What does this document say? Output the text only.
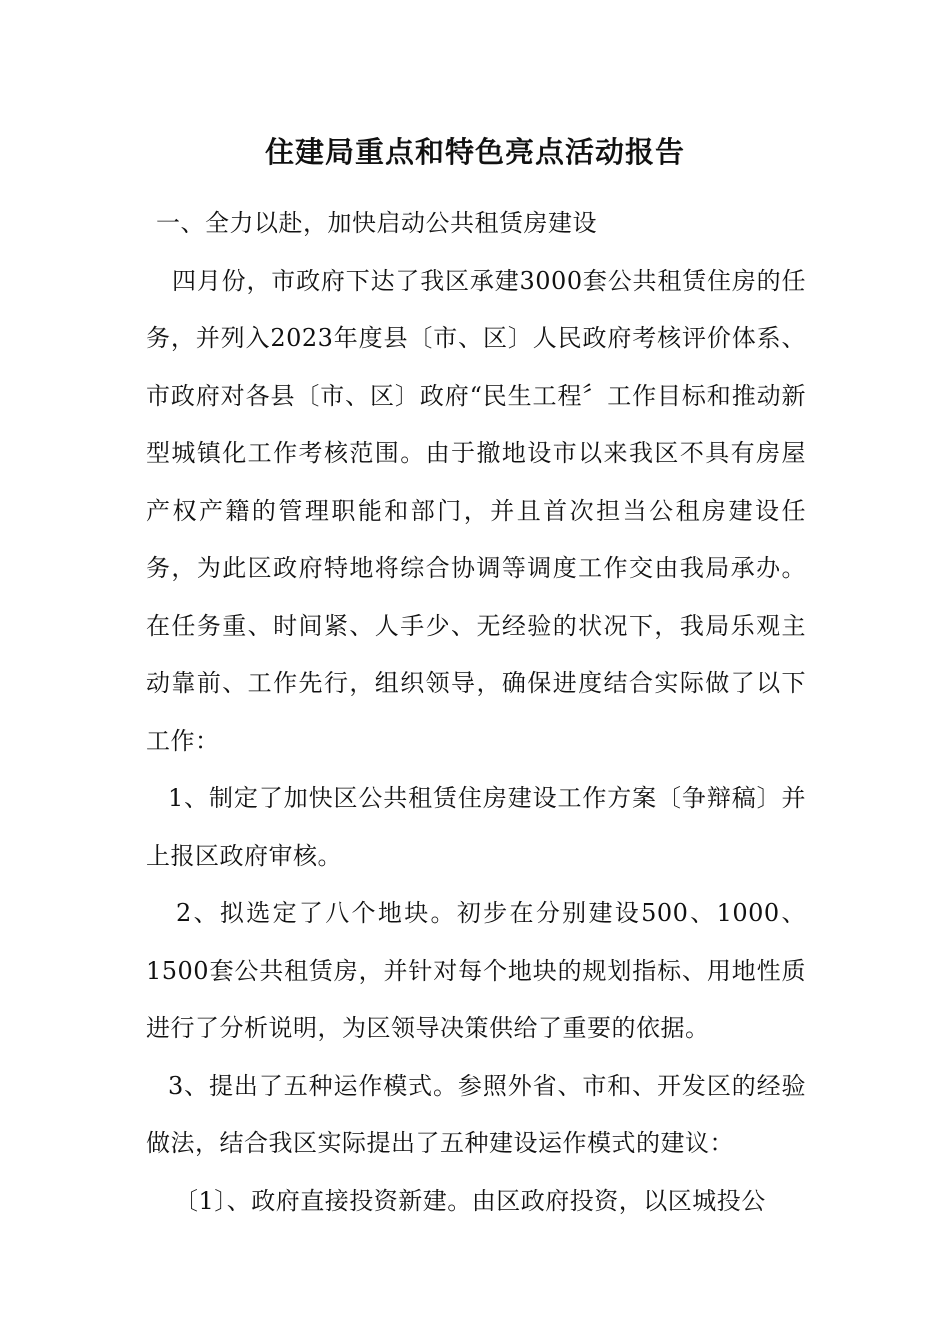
住建局重点和特色亮点活动报告

一、全力以赴，加快启动公共租赁房建设

四月份，市政府下达了我区承建3000套公共租赁住房的任务，并列入2023年度县〔市、区〕人民政府考核评价体系、市政府对各县〔市、区〕政府“民生工程〞工作目标和推动新型城镇化工作考核范围。由于撤地设市以来我区不具有房屋产权产籍的管理职能和部门，并且首次担当公租房建设任务，为此区政府特地将综合协调等调度工作交由我局承办。在任务重、时间紧、人手少、无经验的状况下，我局乐观主动靠前、工作先行，组织领导，确保进度结合实际做了以下工作：

1、制定了加快区公共租赁住房建设工作方案〔争辩稿〕并上报区政府审核。

2、拟选定了八个地块。初步在分别建设500、1000、1500套公共租赁房，并针对每个地块的规划指标、用地性质进行了分析说明，为区领导决策供给了重要的依据。

3、提出了五种运作模式。参照外省、市和、开发区的经验做法，结合我区实际提出了五种建设运作模式的建议：

〔1〕、政府直接投资新建。由区政府投资，以区城投公
